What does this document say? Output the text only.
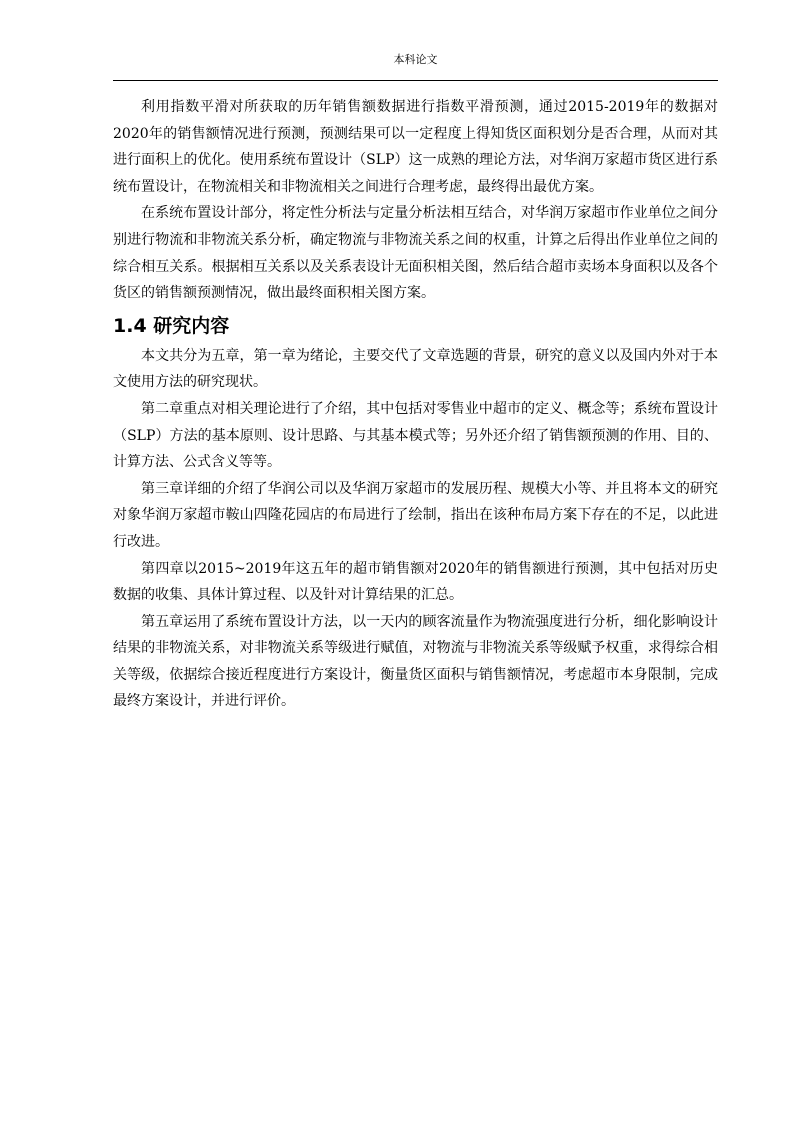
本科论文

利用指数平滑对所获取的历年销售额数据进行指数平滑预测，通过2015-2019年的数据对2020年的销售额情况进行预测，预测结果可以一定程度上得知货区面积划分是否合理，从而对其进行面积上的优化。使用系统布置设计（SLP）这一成熟的理论方法，对华润万家超市货区进行系统布置设计，在物流相关和非物流相关之间进行合理考虑，最终得出最优方案。

在系统布置设计部分，将定性分析法与定量分析法相互结合，对华润万家超市作业单位之间分别进行物流和非物流关系分析，确定物流与非物流关系之间的权重，计算之后得出作业单位之间的综合相互关系。根据相互关系以及关系表设计无面积相关图，然后结合超市卖场本身面积以及各个货区的销售额预测情况，做出最终面积相关图方案。

1.4 研究内容

本文共分为五章，第一章为绪论，主要交代了文章选题的背景，研究的意义以及国内外对于本文使用方法的研究现状。

第二章重点对相关理论进行了介绍，其中包括对零售业中超市的定义、概念等；系统布置设计（SLP）方法的基本原则、设计思路、与其基本模式等；另外还介绍了销售额预测的作用、目的、计算方法、公式含义等等。

第三章详细的介绍了华润公司以及华润万家超市的发展历程、规模大小等、并且将本文的研究对象华润万家超市鞍山四隆花园店的布局进行了绘制，指出在该种布局方案下存在的不足，以此进行改进。

第四章以2015~2019年这五年的超市销售额对2020年的销售额进行预测，其中包括对历史数据的收集、具体计算过程、以及针对计算结果的汇总。

第五章运用了系统布置设计方法，以一天内的顾客流量作为物流强度进行分析，细化影响设计结果的非物流关系，对非物流关系等级进行赋值，对物流与非物流关系等级赋予权重，求得综合相关等级，依据综合接近程度进行方案设计，衡量货区面积与销售额情况，考虑超市本身限制，完成最终方案设计，并进行评价。
